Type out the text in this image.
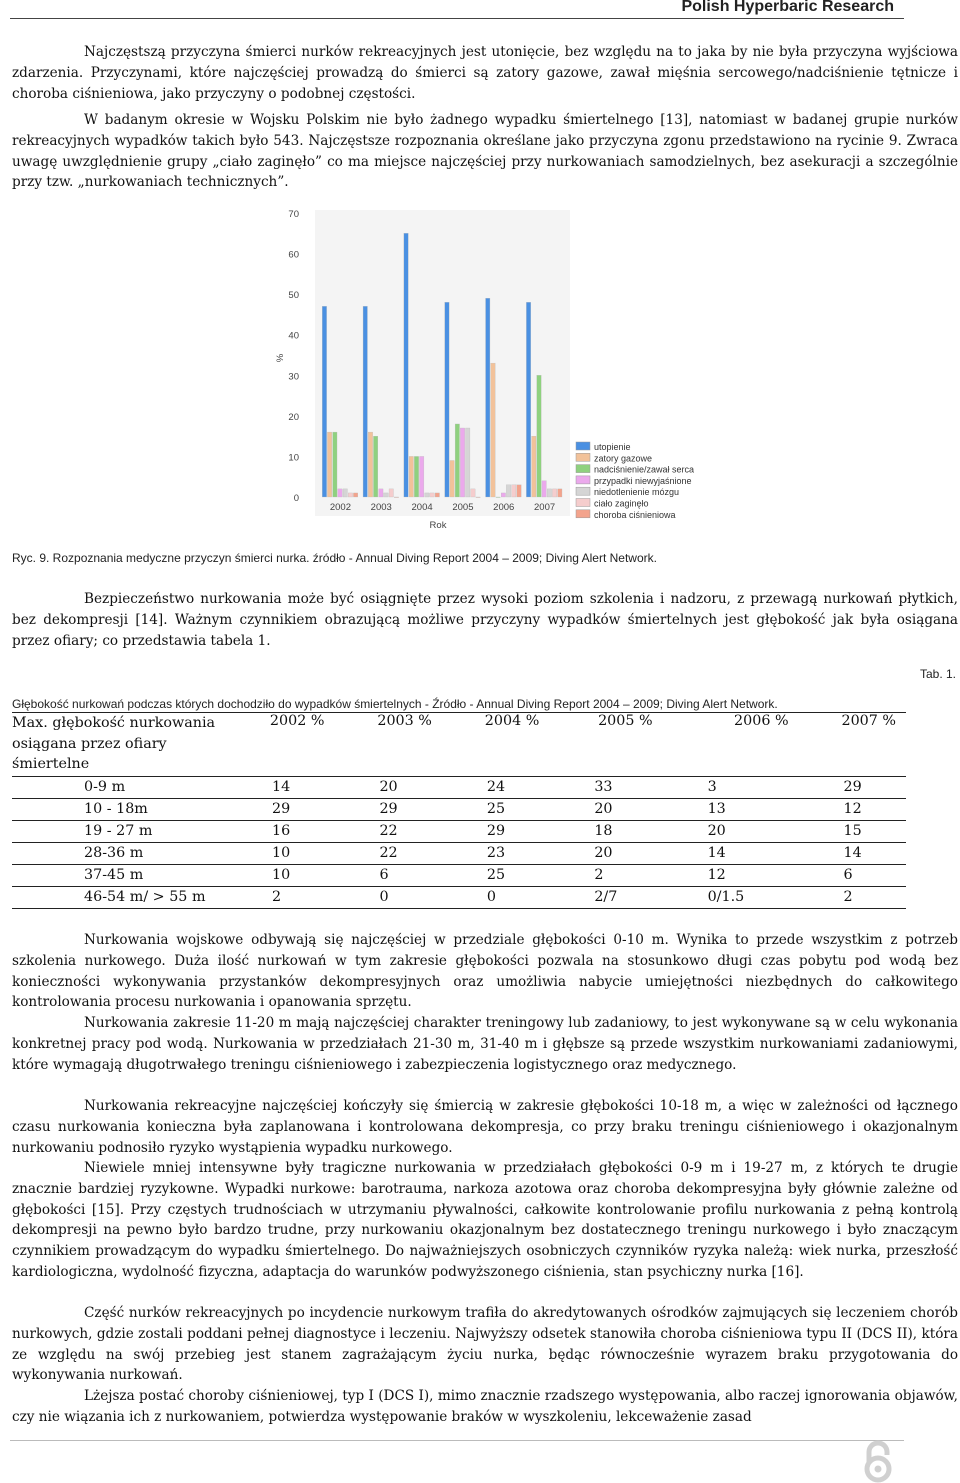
Polish Hyperbaric Research

Najczęstszą przyczyna śmierci nurków rekreacyjnych jest utonięcie, bez względu na to jaka by nie była przyczyna wyjściowa zdarzenia. Przyczynami, które najczęściej prowadzą do śmierci są zatory gazowe, zawał mięśnia sercowego/nadciśnienie tętnicze i choroba ciśnieniowa, jako przyczyny o podobnej częstości.

W badanym okresie w Wojsku Polskim nie było żadnego wypadku śmiertelnego [13], natomiast w badanej grupie nurków rekreacyjnych wypadków takich było 543. Najczęstsze rozpoznania określane jako przyczyna zgonu przedstawiono na rycinie 9. Zwraca uwagę uwzględnienie grupy „ciało zaginęło” co ma miejsce najczęściej przy nurkowaniach samodzielnych, bez asekuracji a szczególnie przy tzw. „nurkowaniach technicznych”.

0
10
20
30
40
50
60
70
%
2002 2003 2004 2005 2006 2007
Rok
utopienie
zatory gazowe
nadciśnienie/zawał serca
przypadki niewyjaśnione
niedotlenienie mózgu
ciało zaginęło
choroba ciśnieniowa
Ryc. 9. Rozpoznania medyczne przyczyn śmierci nurka. źródło - Annual Diving Report 2004 – 2009; Diving Alert Network.

Bezpieczeństwo nurkowania może być osiągnięte przez wysoki poziom szkolenia i nadzoru, z przewagą nurkowań płytkich, bez dekompresji [14]. Ważnym czynnikiem obrazującą możliwe przyczyny wypadków śmiertelnych jest głębokość jak była osiągana przez ofiary; co przedstawia tabela 1.

Tab. 1.
Głębokość nurkowań podczas których dochodziło do wypadków śmiertelnych - Źródło - Annual Diving Report 2004 – 2009; Diving Alert Network.
Max. głębokość nurkowania osiągana przez ofiary śmiertelne	2002 %	2003 %	2004 %	2005 %	2006 %	2007 %
0-9 m	14	20	24	33	3	29
10 - 18m	29	29	25	20	13	12
19 - 27 m	16	22	29	18	20	15
28-36 m	10	22	23	20	14	14
37-45 m	10	6	25	2	12	6
46-54 m/ > 55 m	2	0	0	2/7	0/1.5	2

Nurkowania wojskowe odbywają się najczęściej w przedziale głębokości 0-10 m. Wynika to przede wszystkim z potrzeb szkolenia nurkowego. Duża ilość nurkowań w tym zakresie głębokości pozwala na stosunkowo długi czas pobytu pod wodą bez konieczności wykonywania przystanków dekompresyjnych oraz umożliwia nabycie umiejętności niezbędnych do całkowitego kontrolowania procesu nurkowania i opanowania sprzętu.

Nurkowania zakresie 11-20 m mają najczęściej charakter treningowy lub zadaniowy, to jest wykonywane są w celu wykonania konkretnej pracy pod wodą. Nurkowania w przedziałach 21-30 m, 31-40 m i głębsze są przede wszystkim nurkowaniami zadaniowymi, które wymagają długotrwałego treningu ciśnieniowego i zabezpieczenia logistycznego oraz medycznego.

Nurkowania rekreacyjne najczęściej kończyły się śmiercią w zakresie głębokości 10-18 m, a więc w zależności od łącznego czasu nurkowania konieczna była zaplanowana i kontrolowana dekompresja, co przy braku treningu ciśnieniowego i okazjonalnym nurkowaniu podnosiło ryzyko wystąpienia wypadku nurkowego.

Niewiele mniej intensywne były tragiczne nurkowania w przedziałach głębokości 0-9 m i 19-27 m, z których te drugie znacznie bardziej ryzykowne. Wypadki nurkowe: barotrauma, narkoza azotowa oraz choroba dekompresyjna były głównie zależne od głębokości [15]. Przy częstych trudnościach w utrzymaniu pływalności, całkowite kontrolowanie profilu nurkowania z pełną kontrolą dekompresji na pewno było bardzo trudne, przy nurkowaniu okazjonalnym bez dostatecznego treningu nurkowego i było znaczącym czynnikiem prowadzącym do wypadku śmiertelnego. Do najważniejszych osobniczych czynników ryzyka należą: wiek nurka, przeszłość kardiologiczna, wydolność fizyczna, adaptacja do warunków podwyższonego ciśnienia, stan psychiczny nurka [16].

Część nurków rekreacyjnych po incydencie nurkowym trafiła do akredytowanych ośrodków zajmujących się leczeniem chorób nurkowych, gdzie zostali poddani pełnej diagnostyce i leczeniu. Najwyższy odsetek stanowiła choroba ciśnieniowa typu II (DCS II), która ze względu na swój przebieg jest stanem zagrażającym życiu nurka, będąc równocześnie wyrazem braku przygotowania do wykonywania nurkowań.

Lżejsza postać choroby ciśnieniowej, typ I (DCS I), mimo znacznie rzadszego występowania, albo raczej ignorowania objawów, czy nie wiązania ich z nurkowaniem, potwierdza występowanie braków w wyszkoleniu, lekceważenie zasad
